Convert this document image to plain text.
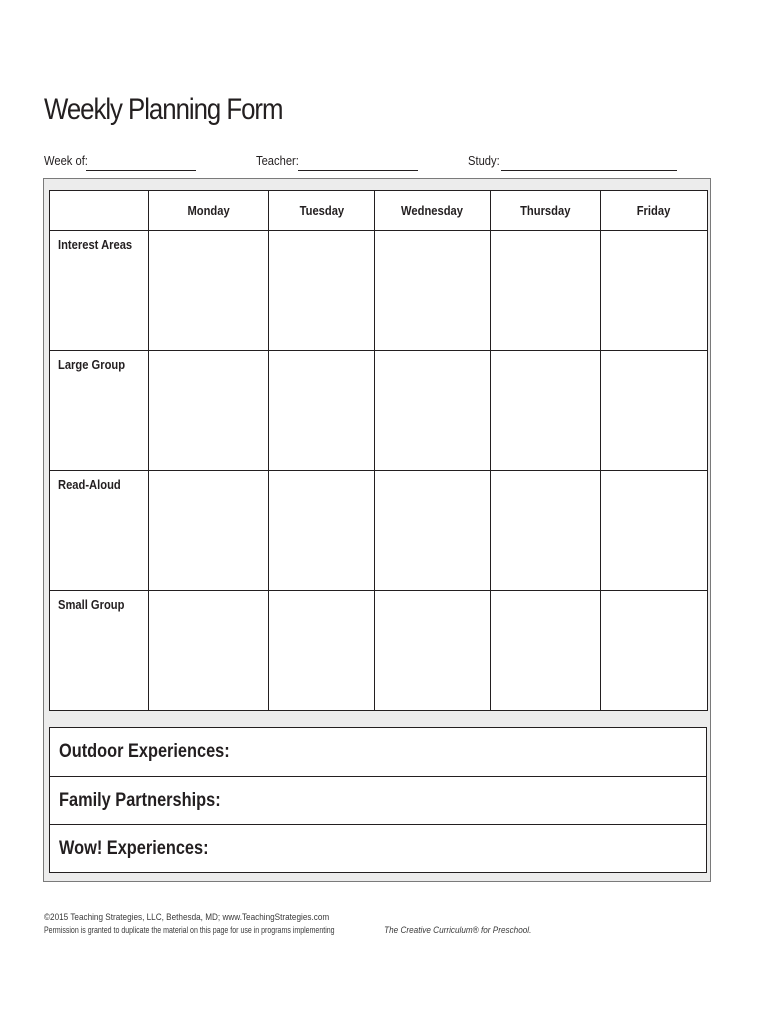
Weekly Planning Form
Week of:	Teacher:	Study:
	Monday	Tuesday	Wednesday	Thursday	Friday
Interest Areas					
Large Group					
Read-Aloud					
Small Group					
Outdoor Experiences:
Family Partnerships:
Wow! Experiences:
©2015 Teaching Strategies, LLC, Bethesda, MD; www.TeachingStrategies.com
Permission is granted to duplicate the material on this page for use in programs implementing	The Creative Curriculum® for Preschool.
